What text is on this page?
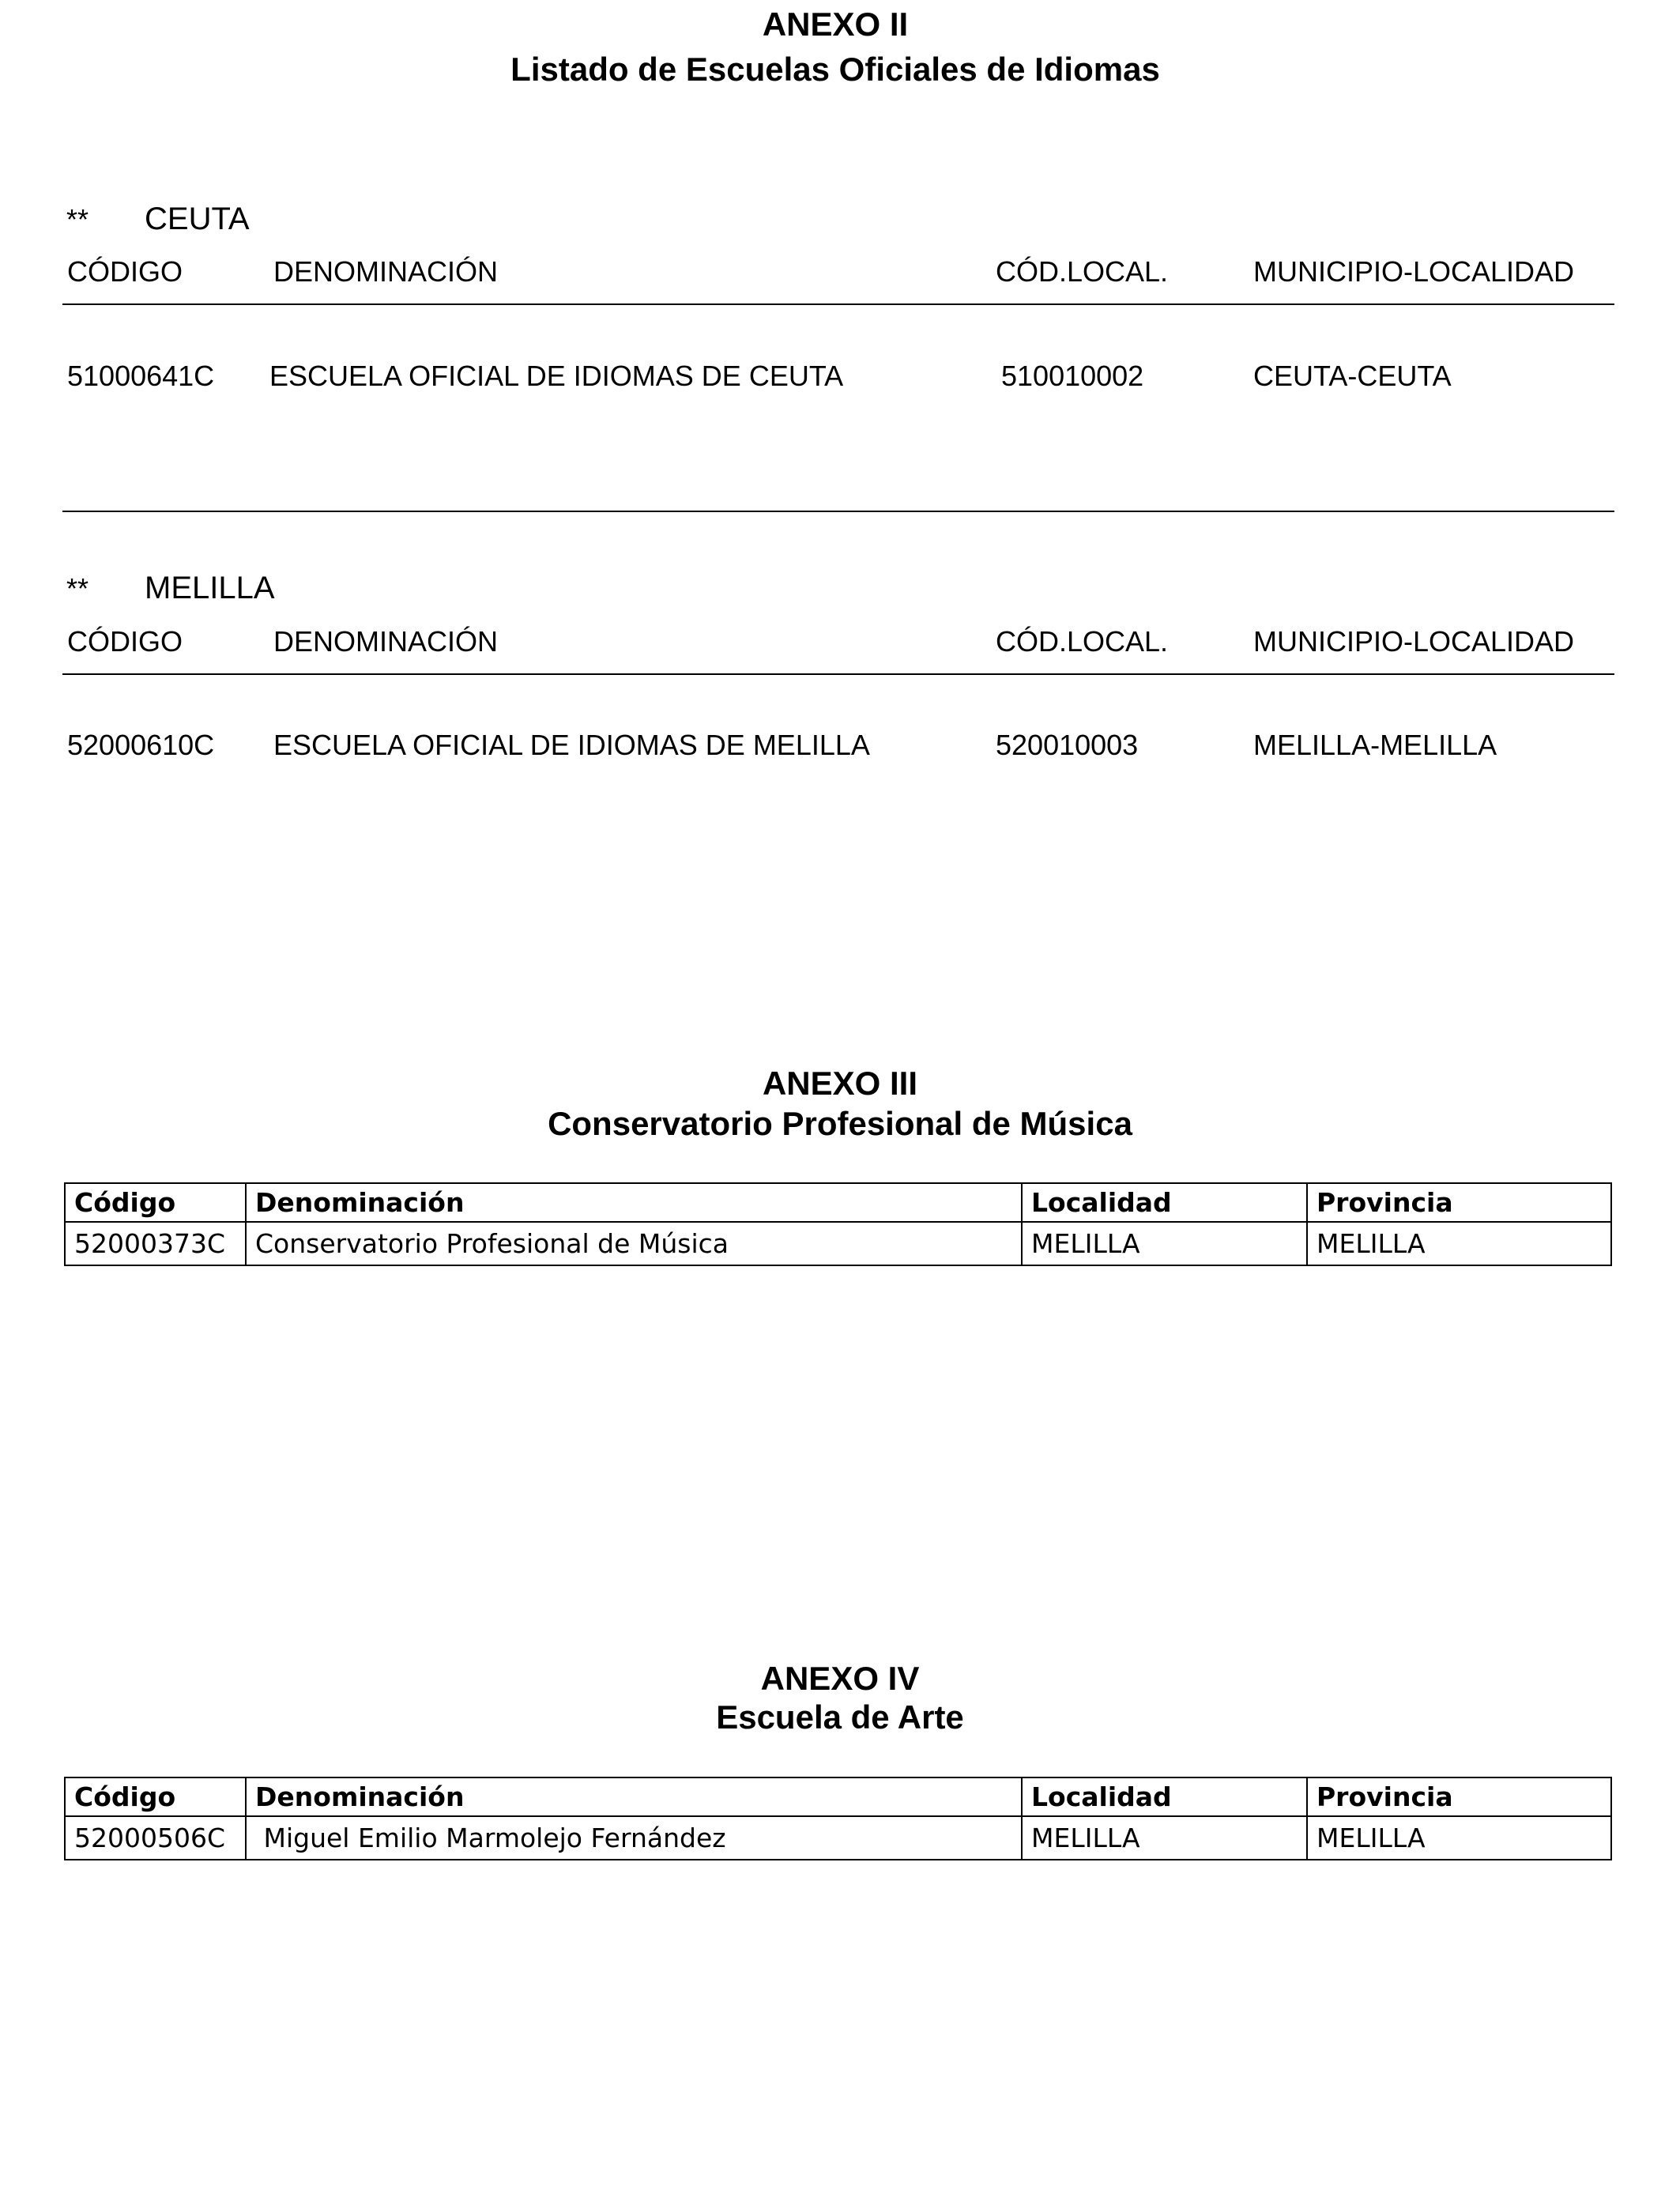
ANEXO II
Listado de Escuelas Oficiales de Idiomas
** CEUTA
CÓDIGO	DENOMINACIÓN	CÓD.LOCAL.	MUNICIPIO-LOCALIDAD
51000641C ESCUELA OFICIAL DE IDIOMAS DE CEUTA	510010002	CEUTA-CEUTA
** MELILLA
CÓDIGO	DENOMINACIÓN	CÓD.LOCAL.	MUNICIPIO-LOCALIDAD
52000610C ESCUELA OFICIAL DE IDIOMAS DE MELILLA	520010003	MELILLA-MELILLA
ANEXO III
Conservatorio Profesional de Música
Código	Denominación	Localidad	Provincia
52000373C	Conservatorio Profesional de Música	MELILLA	MELILLA
ANEXO IV
Escuela de Arte
Código	Denominación	Localidad	Provincia
52000506C	Miguel Emilio Marmolejo Fernández	MELILLA	MELILLA
